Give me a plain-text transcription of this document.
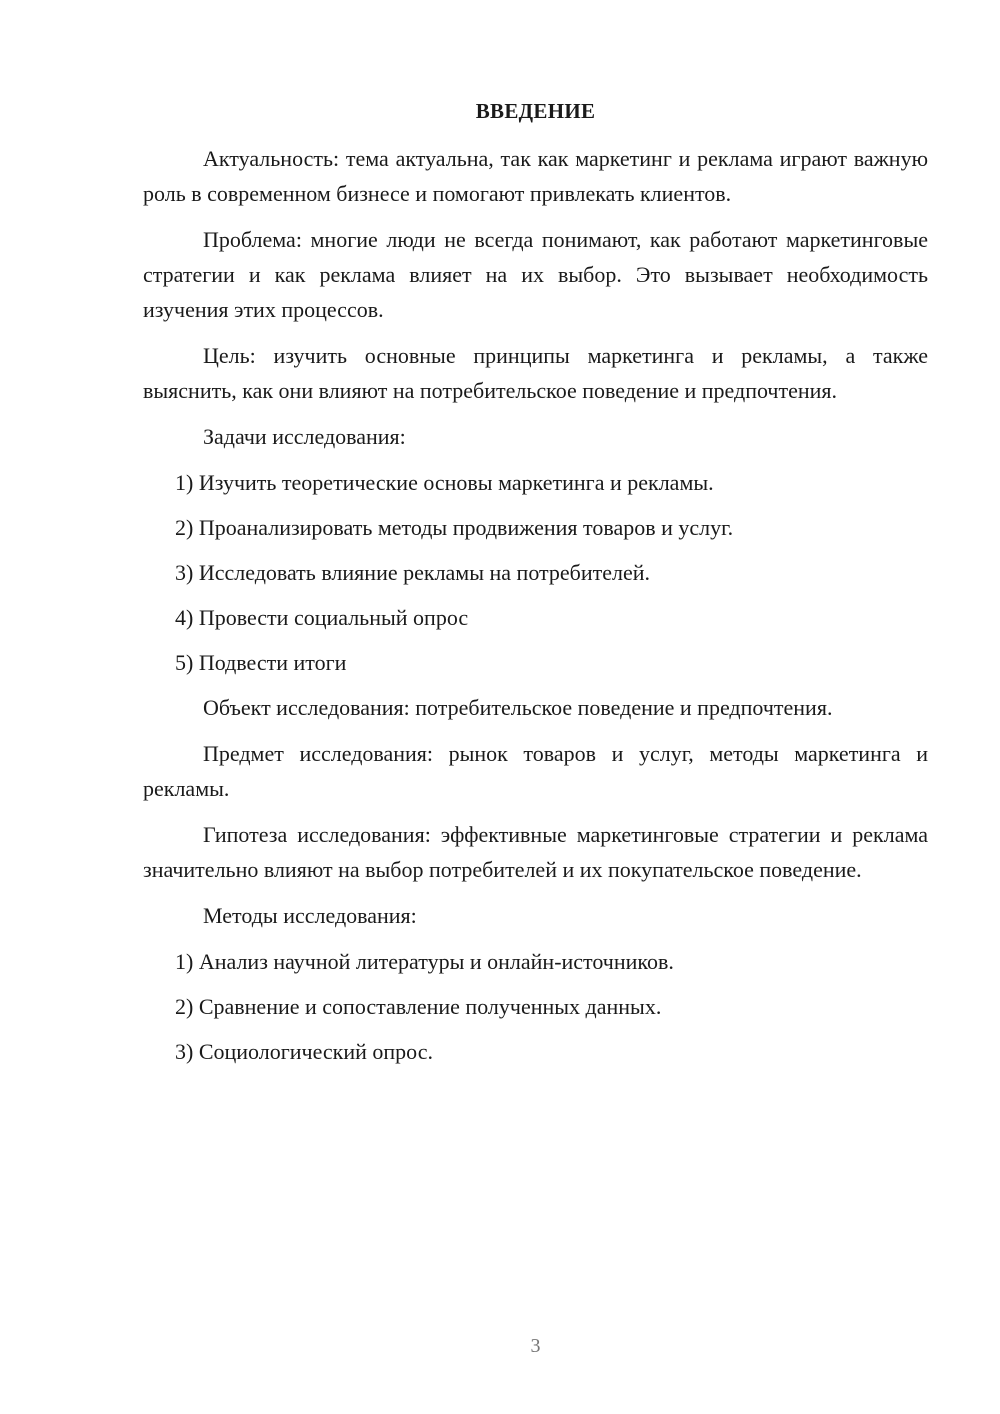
ВВЕДЕНИЕ

Актуальность: тема актуальна, так как маркетинг и реклама играют важную роль в современном бизнесе и помогают привлекать клиентов.

Проблема: многие люди не всегда понимают, как работают маркетинговые стратегии и как реклама влияет на их выбор. Это вызывает необходимость изучения этих процессов.

Цель: изучить основные принципы маркетинга и рекламы, а также выяснить, как они влияют на потребительское поведение и предпочтения.

Задачи исследования:

1) Изучить теоретические основы маркетинга и рекламы.
2) Проанализировать методы продвижения товаров и услуг.
3) Исследовать влияние рекламы на потребителей.
4) Провести социальный опрос
5) Подвести итоги

Объект исследования: потребительское поведение и предпочтения.

Предмет исследования: рынок товаров и услуг, методы маркетинга и рекламы.

Гипотеза исследования: эффективные маркетинговые стратегии и реклама значительно влияют на выбор потребителей и их покупательское поведение.

Методы исследования:

1) Анализ научной литературы и онлайн-источников.
2) Сравнение и сопоставление полученных данных.
3) Социологический опрос.
3
